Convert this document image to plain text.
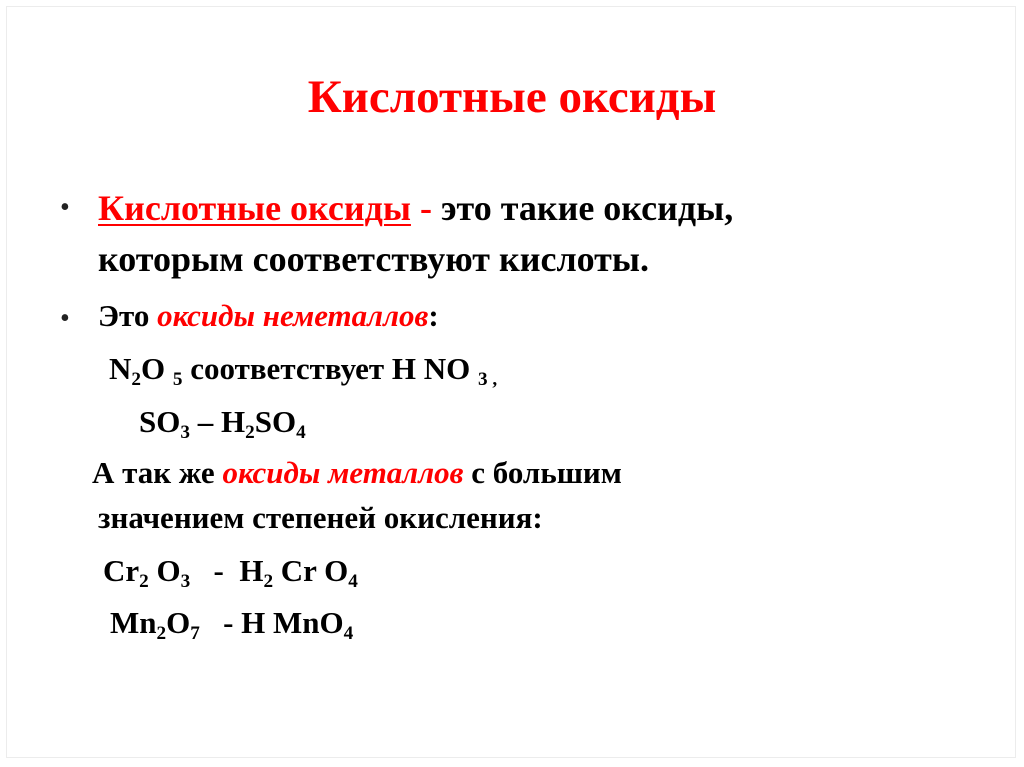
Кислотные оксиды
• Кислотные оксиды - это такие оксиды,
которым соответствуют кислоты.
• Это оксиды неметаллов:
$N_2O$ $_5$ соответствует H NO $_3$ $_,$
$SO_3 - H_2SO_4$
А так же оксиды металлов с большим
значением степеней окисления:
$Cr_2$ $O_3 - H_2$ Cr $O_4$
$Mn_2O_7$   - H MnO$_4$
